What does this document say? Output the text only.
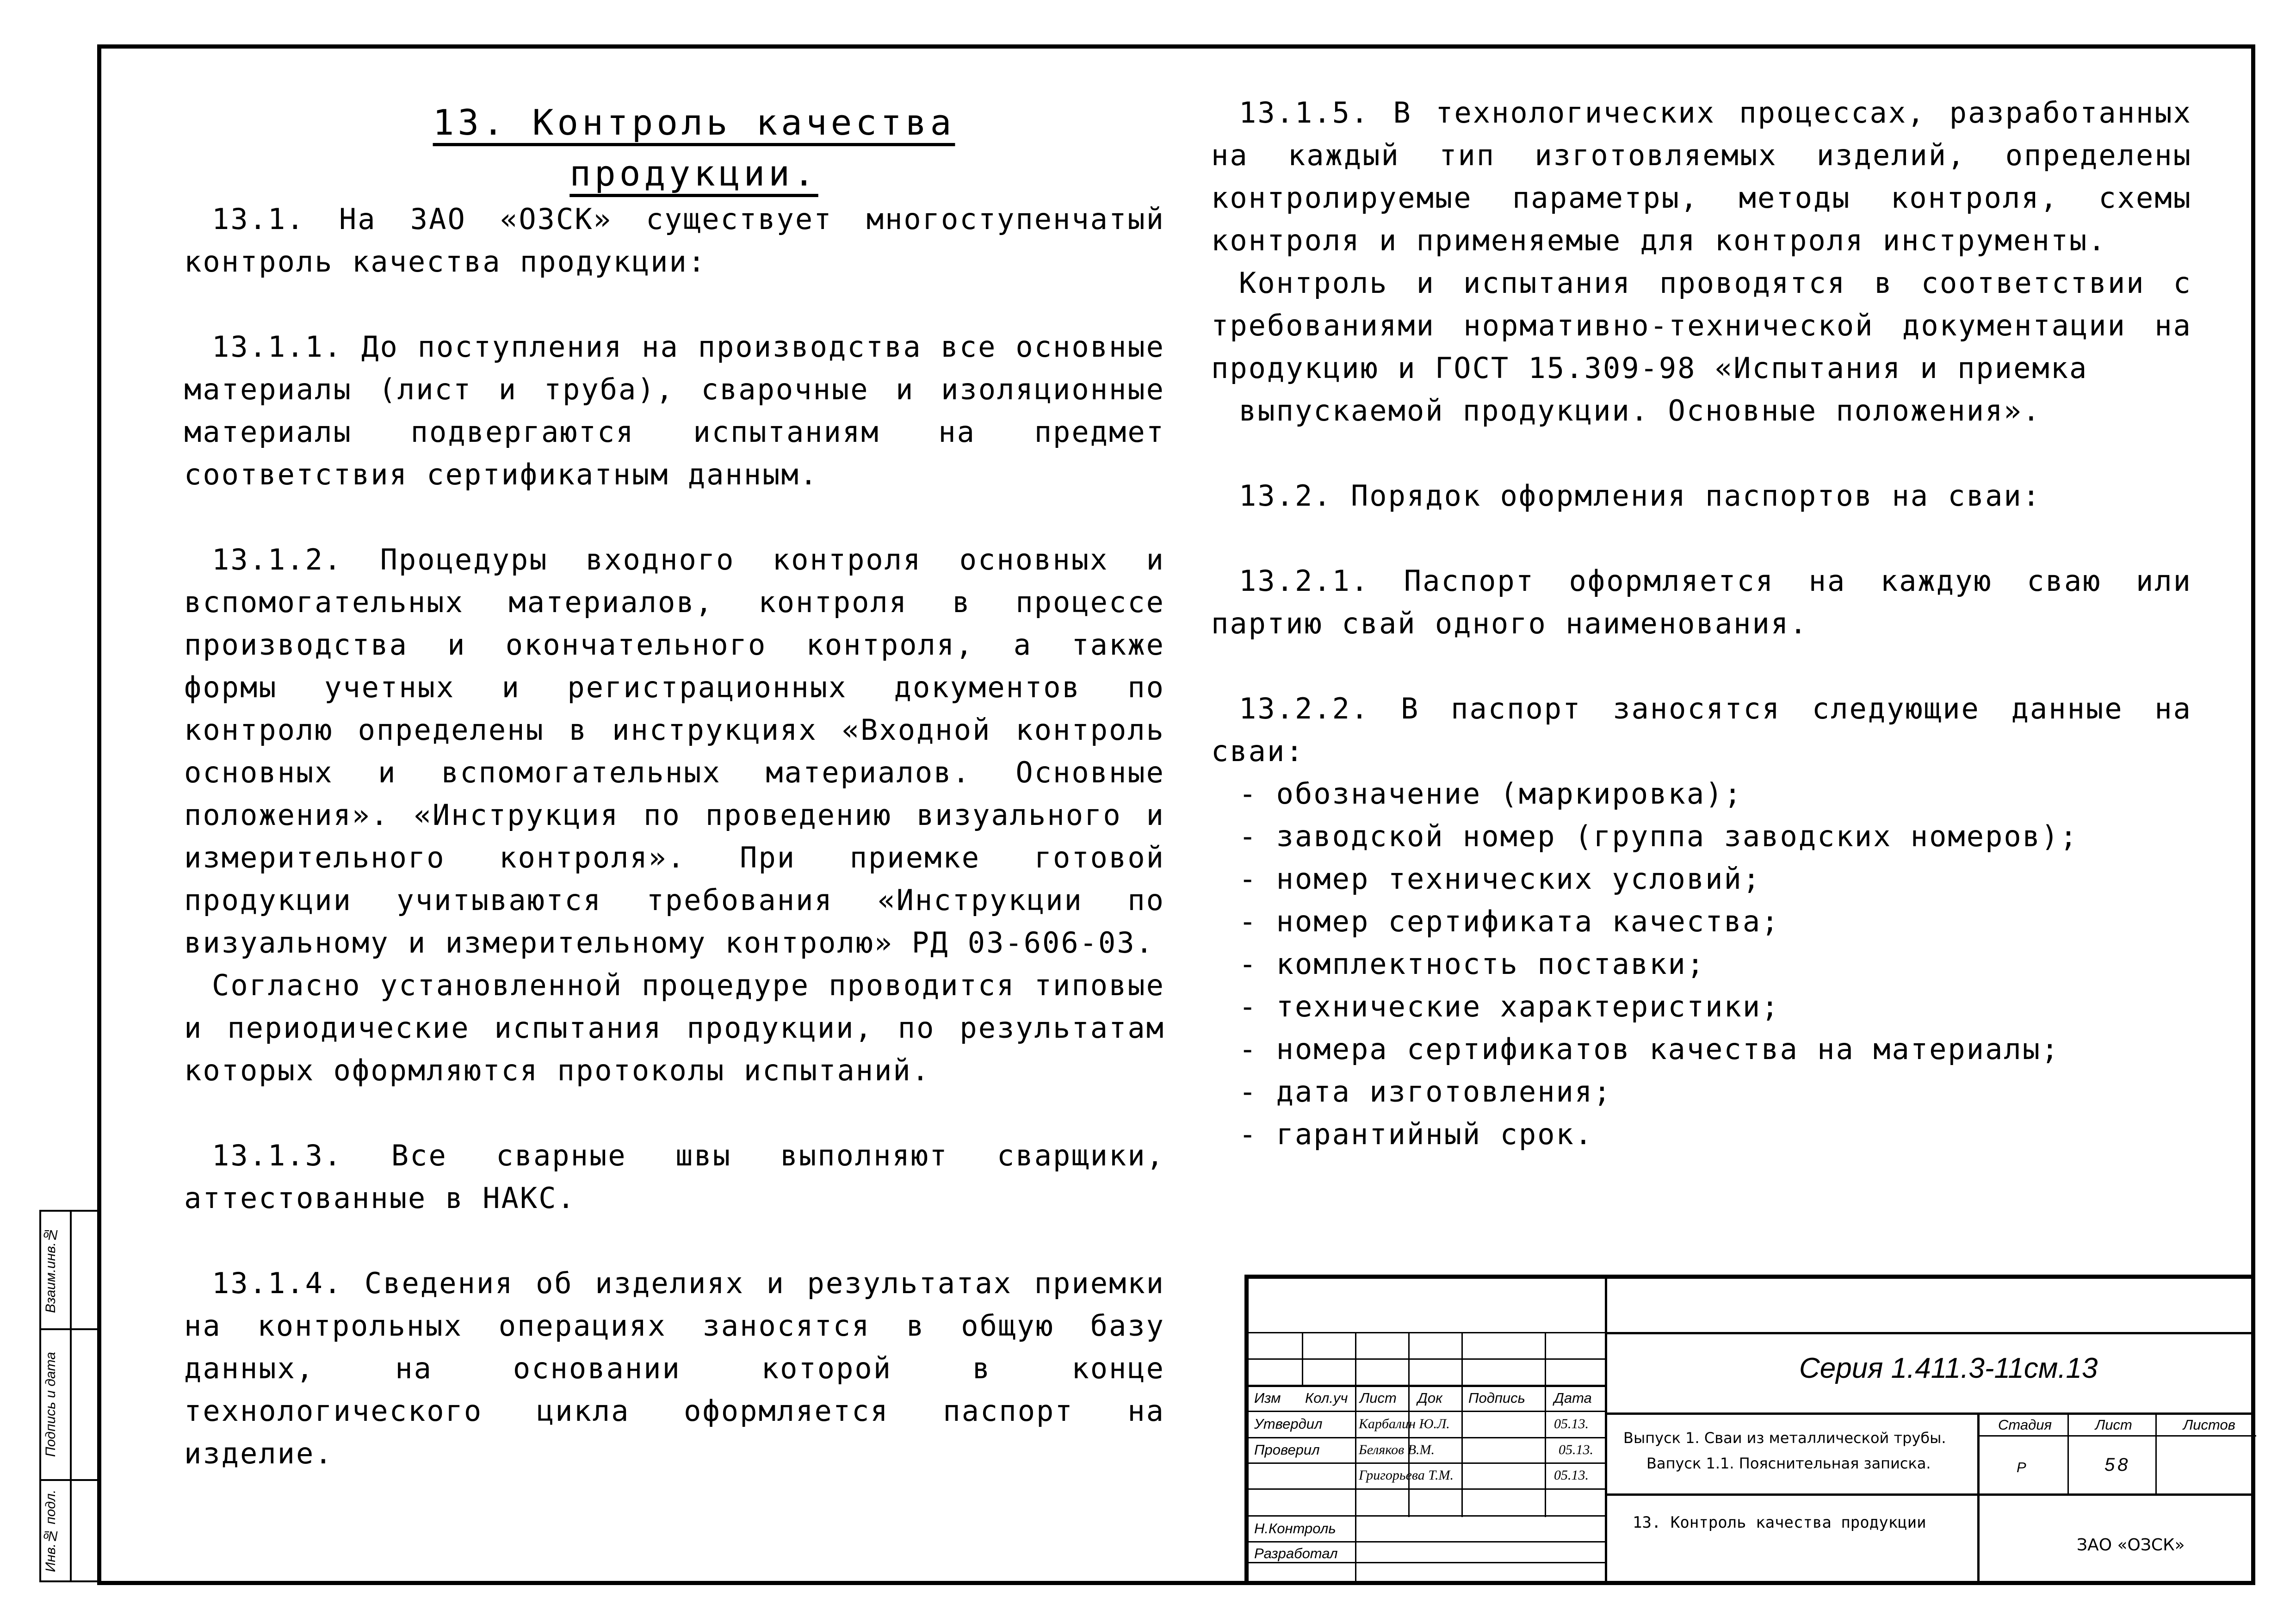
Взаим.инв.№
Подпись и дата
Инв.№ подл.
13. Контроль качества продукции.

13.1. На ЗАО «ОЗСК» существует многоступенчатый контроль качества продукции:

13.1.1. До поступления на производства все основные материалы (лист и труба), сварочные и изоляционные материалы подвергаются испытаниям на предмет соответствия сертификатным данным.

13.1.2. Процедуры входного контроля основных и вспомогательных материалов, контроля в процессе производства и окончательного контроля, а также формы учетных и регистрационных документов по контролю определены в инструкциях «Входной контроль основных и вспомогательных материалов. Основные положения». «Инструкция по проведению визуального и измерительного контроля». При приемке готовой продукции учитываются требования «Инструкции по визуальному и измерительному контролю» РД 03-606-03.

Согласно установленной процедуре проводится типовые и периодические испытания продукции, по результатам которых оформляются протоколы испытаний.

13.1.3. Все сварные швы выполняют сварщики, аттестованные в НАКС.

13.1.4. Сведения об изделиях и результатах приемки на контрольных операциях заносятся в общую базу данных, на основании которой в конце технологического цикла оформляется паспорт на изделие.

13.1.5. В технологических процессах, разработанных на каждый тип изготовляемых изделий, определены контролируемые параметры, методы контроля, схемы контроля и применяемые для контроля инструменты.

Контроль и испытания проводятся в соответствии с требованиями нормативно-технической документации на продукцию и ГОСТ 15.309-98 «Испытания и приемка

выпускаемой продукции. Основные положения».

13.2. Порядок оформления паспортов на сваи:

13.2.1. Паспорт оформляется на каждую сваю или партию свай одного наименования.

13.2.2. В паспорт заносятся следующие данные на сваи:

- обозначение (маркировка);

- заводской номер (группа заводских номеров);

- номер технических условий;

- номер сертификата качества;

- комплектность поставки;

- технические характеристики;

- номера сертификатов качества на материалы;

- дата изготовления;

- гарантийный срок.

Серия 1.411.3-11см.13
Изм Кол.уч Лист Док Подпись Дата
Утвердил	Карбалин Ю.Л.	05.13.
Проверил	Беляков В.М.	05.13.
Григорьева Т.М.	05.13.
Н.Контроль
Разработал
Выпуск 1. Сваи из металлической трубы.
Вапуск 1.1. Пояснительная записка.
13. Контроль качества продукции
Стадия	Лист	Листов
Р	58
ЗАО «ОЗСК»
